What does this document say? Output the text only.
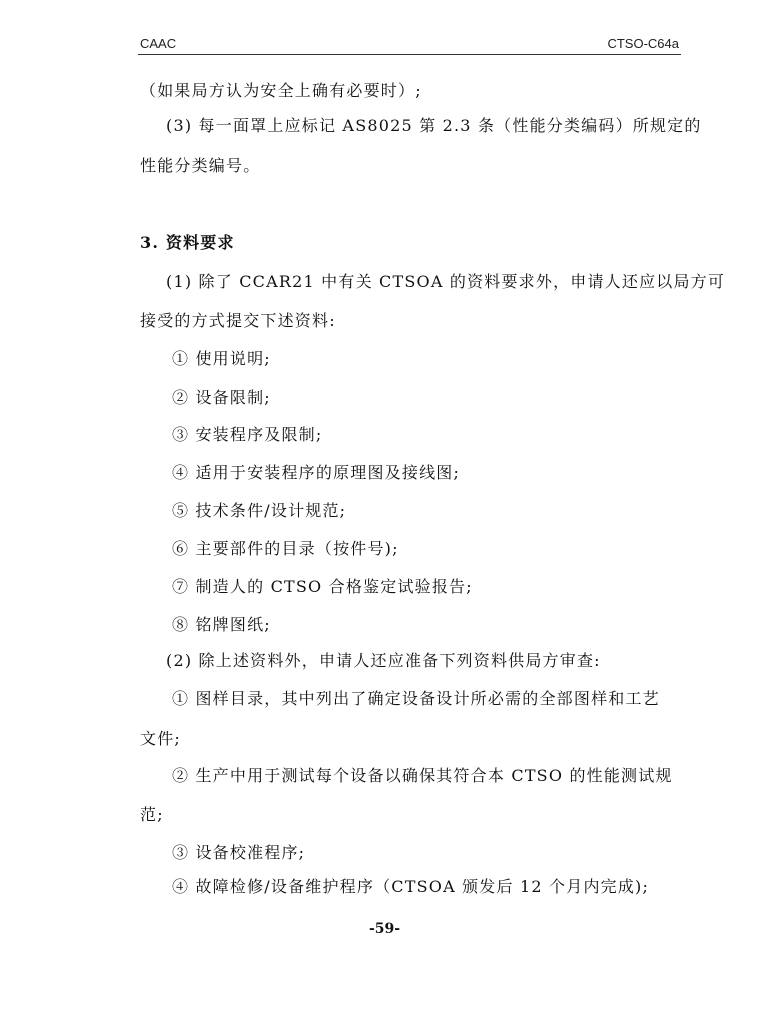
CAAC	CTSO-C64a
（如果局方认为安全上确有必要时）;
(3) 每一面罩上应标记 AS8025 第 2.3 条（性能分类编码）所规定的
性能分类编号。
3. 资料要求
(1) 除了 CCAR21 中有关 CTSOA 的资料要求外，申请人还应以局方可
接受的方式提交下述资料:
① 使用说明;
② 设备限制;
③ 安装程序及限制;
④ 适用于安装程序的原理图及接线图;
⑤ 技术条件/设计规范;
⑥ 主要部件的目录（按件号);
⑦ 制造人的 CTSO 合格鉴定试验报告;
⑧ 铭牌图纸;
(2) 除上述资料外，申请人还应准备下列资料供局方审查:
① 图样目录，其中列出了确定设备设计所必需的全部图样和工艺
文件;
② 生产中用于测试每个设备以确保其符合本 CTSO 的性能测试规
范;
③ 设备校准程序;
④ 故障检修/设备维护程序（CTSOA 颁发后 12 个月内完成);
-59-
